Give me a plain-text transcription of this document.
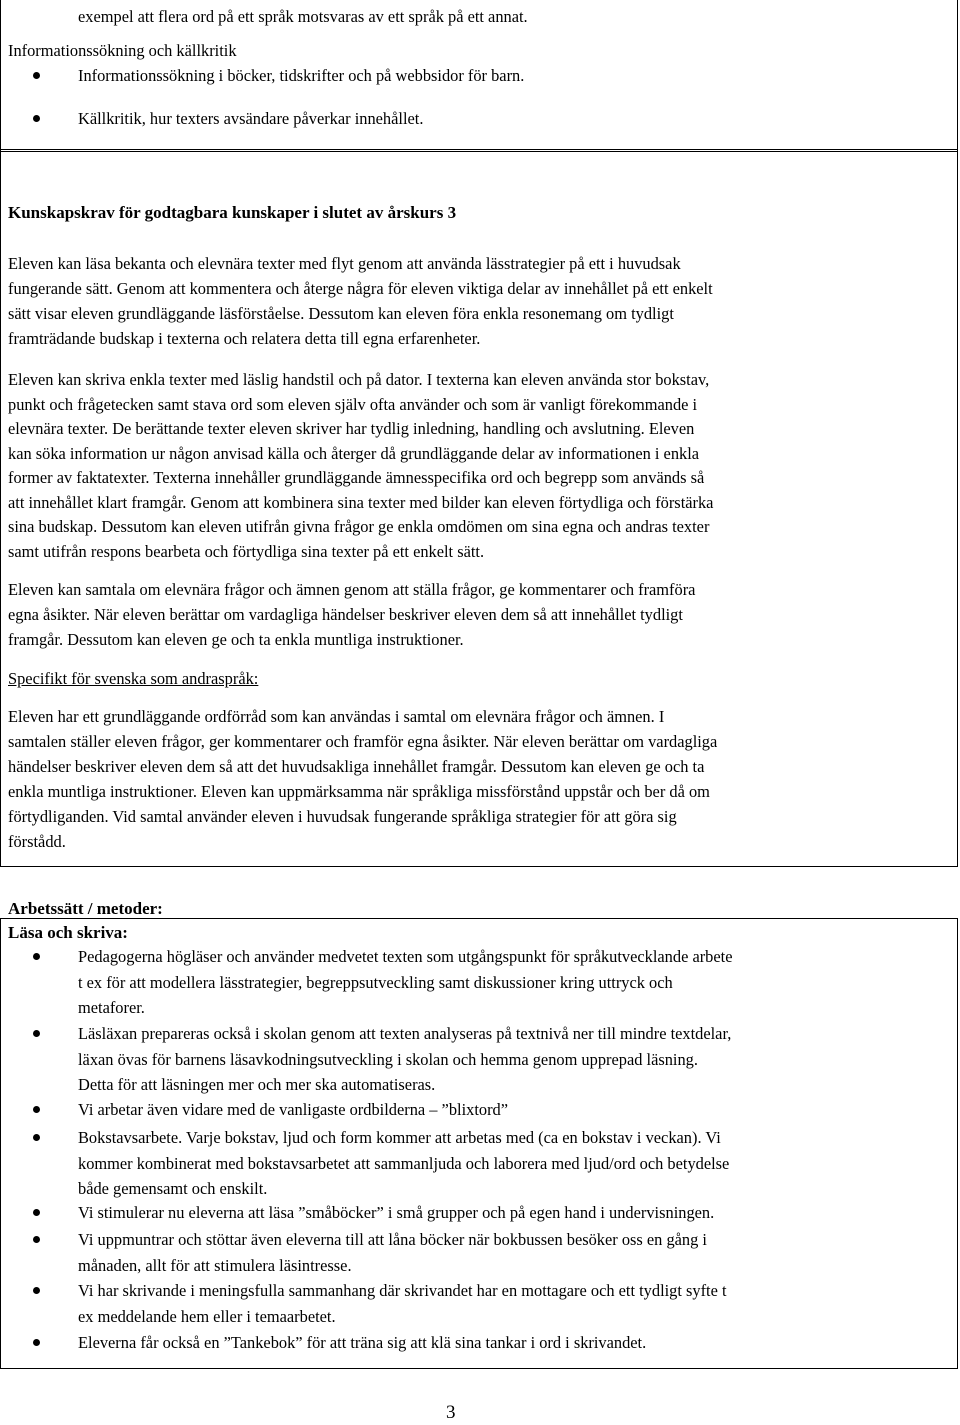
exempel att flera ord på ett språk motsvaras av ett språk på ett annat.
Informationssökning och källkritik
Informationssökning i böcker, tidskrifter och på webbsidor för barn.
Källkritik, hur texters avsändare påverkar innehållet.
Kunskapskrav för godtagbara kunskaper i slutet av årskurs 3
Eleven kan läsa bekanta och elevnära texter med flyt genom att använda lässtrategier på ett i huvudsak
fungerande sätt. Genom att kommentera och återge några för eleven viktiga delar av innehållet på ett enkelt
sätt visar eleven grundläggande läsförståelse. Dessutom kan eleven föra enkla resonemang om tydligt
framträdande budskap i texterna och relatera detta till egna erfarenheter.
Eleven kan skriva enkla texter med läslig handstil och på dator. I texterna kan eleven använda stor bokstav,
punkt och frågetecken samt stava ord som eleven själv ofta använder och som är vanligt förekommande i
elevnära texter. De berättande texter eleven skriver har tydlig inledning, handling och avslutning. Eleven
kan söka information ur någon anvisad källa och återger då grundläggande delar av informationen i enkla
former av faktatexter. Texterna innehåller grundläggande ämnesspecifika ord och begrepp som används så
att innehållet klart framgår. Genom att kombinera sina texter med bilder kan eleven förtydliga och förstärka
sina budskap. Dessutom kan eleven utifrån givna frågor ge enkla omdömen om sina egna och andras texter
samt utifrån respons bearbeta och förtydliga sina texter på ett enkelt sätt.
Eleven kan samtala om elevnära frågor och ämnen genom att ställa frågor, ge kommentarer och framföra
egna åsikter. När eleven berättar om vardagliga händelser beskriver eleven dem så att innehållet tydligt
framgår. Dessutom kan eleven ge och ta enkla muntliga instruktioner.
Specifikt för svenska som andraspråk:
Eleven har ett grundläggande ordförråd som kan användas i samtal om elevnära frågor och ämnen. I
samtalen ställer eleven frågor, ger kommentarer och framför egna åsikter. När eleven berättar om vardagliga
händelser beskriver eleven dem så att det huvudsakliga innehållet framgår. Dessutom kan eleven ge och ta
enkla muntliga instruktioner. Eleven kan uppmärksamma när språkliga missförstånd uppstår och ber då om
förtydliganden. Vid samtal använder eleven i huvudsak fungerande språkliga strategier för att göra sig
förstådd.
Arbetssätt / metoder:
Läsa och skriva:
Pedagogerna högläser och använder medvetet texten som utgångspunkt för språkutvecklande arbete
t ex för att modellera lässtrategier, begreppsutveckling samt diskussioner kring uttryck och
metaforer.
Läsläxan prepareras också i skolan genom att texten analyseras på textnivå ner till mindre textdelar,
läxan övas för barnens läsavkodningsutveckling i skolan och hemma genom upprepad läsning.
Detta för att läsningen mer och mer ska automatiseras.
Vi arbetar även vidare med de vanligaste ordbilderna – ”blixtord”
Bokstavsarbete. Varje bokstav, ljud och form kommer att arbetas med (ca en bokstav i veckan). Vi
kommer kombinerat med bokstavsarbetet att sammanljuda och laborera med ljud/ord och betydelse
både gemensamt och enskilt.
Vi stimulerar nu eleverna att läsa ”småböcker” i små grupper och på egen hand i undervisningen.
Vi uppmuntrar och stöttar även eleverna till att låna böcker när bokbussen besöker oss en gång i
månaden, allt för att stimulera läsintresse.
Vi har skrivande i meningsfulla sammanhang där skrivandet har en mottagare och ett tydligt syfte t
ex meddelande hem eller i temaarbetet.
Eleverna får också en ”Tankebok” för att träna sig att klä sina tankar i ord i skrivandet.
3
